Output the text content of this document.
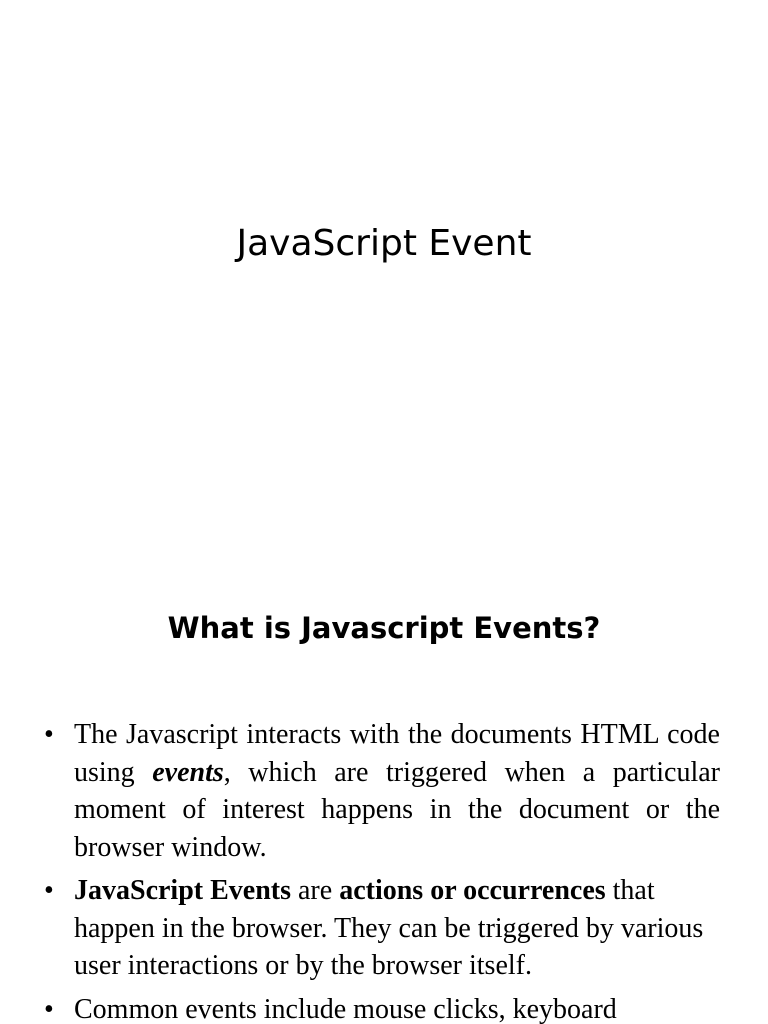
JavaScript Event
What is Javascript Events?
• The Javascript interacts with the documents HTML code using events, which are triggered when a particular moment of interest happens in the document or the browser window.
• JavaScript Events are actions or occurrences that happen in the browser. They can be triggered by various user interactions or by the browser itself.
• Common events include mouse clicks, keyboard
